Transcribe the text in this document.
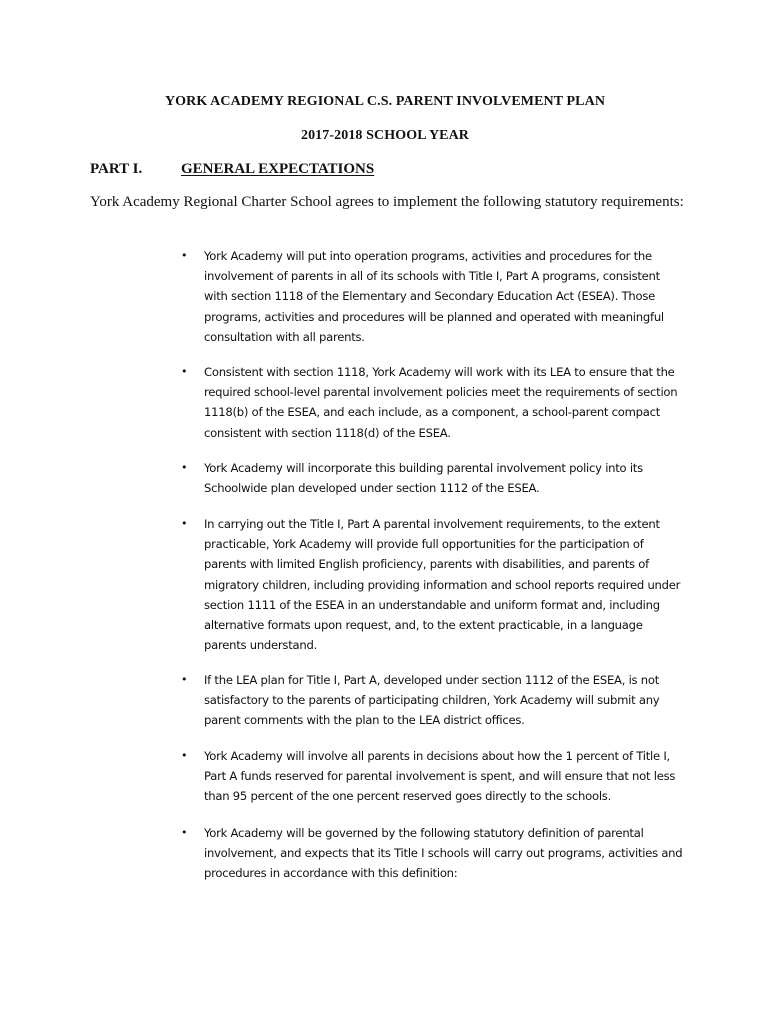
YORK ACADEMY REGIONAL C.S. PARENT INVOLVEMENT PLAN
2017-2018 SCHOOL YEAR
PART I.	GENERAL EXPECTATIONS
York Academy Regional Charter School agrees to implement the following statutory requirements:
• York Academy will put into operation programs, activities and procedures for the involvement of parents in all of its schools with Title I, Part A programs, consistent with section 1118 of the Elementary and Secondary Education Act (ESEA). Those programs, activities and procedures will be planned and operated with meaningful consultation with all parents.
• Consistent with section 1118, York Academy will work with its LEA to ensure that the required school-level parental involvement policies meet the requirements of section 1118(b) of the ESEA, and each include, as a component, a school-parent compact consistent with section 1118(d) of the ESEA.
• York Academy will incorporate this building parental involvement policy into its Schoolwide plan developed under section 1112 of the ESEA.
• In carrying out the Title I, Part A parental involvement requirements, to the extent practicable, York Academy will provide full opportunities for the participation of parents with limited English proficiency, parents with disabilities, and parents of migratory children, including providing information and school reports required under section 1111 of the ESEA in an understandable and uniform format and, including alternative formats upon request, and, to the extent practicable, in a language parents understand.
• If the LEA plan for Title I, Part A, developed under section 1112 of the ESEA, is not satisfactory to the parents of participating children, York Academy will submit any parent comments with the plan to the LEA district offices.
• York Academy will involve all parents in decisions about how the 1 percent of Title I, Part A funds reserved for parental involvement is spent, and will ensure that not less than 95 percent of the one percent reserved goes directly to the schools.
• York Academy will be governed by the following statutory definition of parental involvement, and expects that its Title I schools will carry out programs, activities and procedures in accordance with this definition:
